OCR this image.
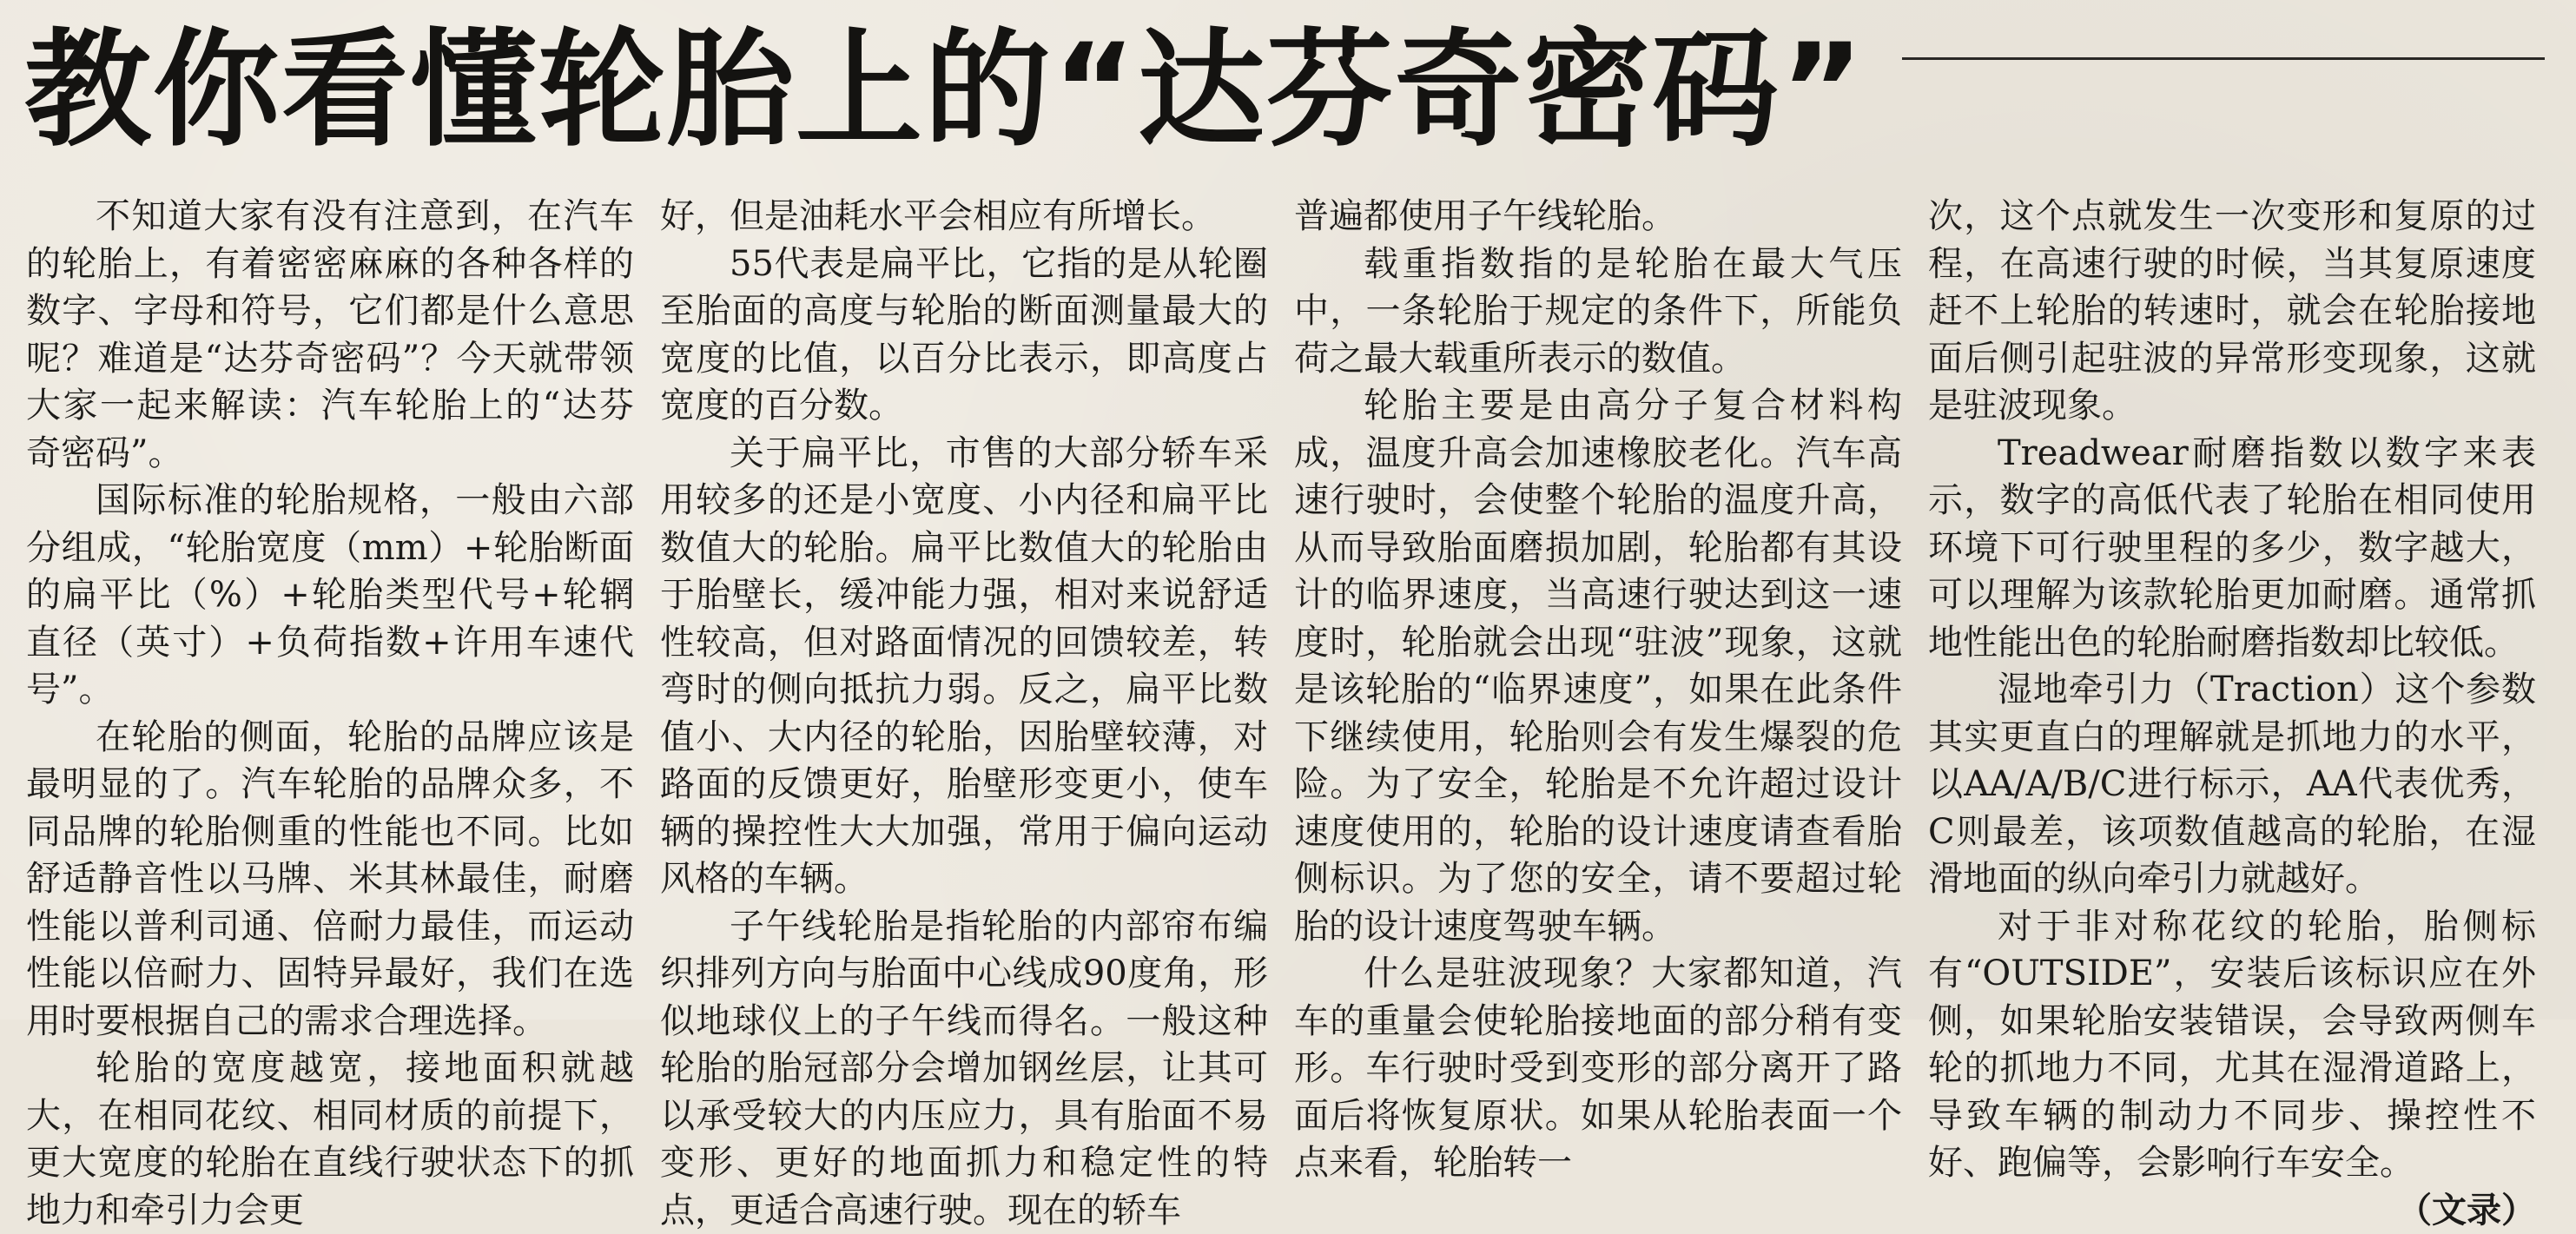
教你看懂轮胎上的“达芬奇密码”

不知道大家有没有注意到，在汽车的轮胎上，有着密密麻麻的各种各样的数字、字母和符号，它们都是什么意思呢？难道是“达芬奇密码”？今天就带领大家一起来解读：汽车轮胎上的“达芬奇密码”。

国际标准的轮胎规格，一般由六部分组成，“轮胎宽度（mm）+轮胎断面的扁平比（%）+轮胎类型代号+轮辋直径（英寸）+负荷指数+许用车速代号”。

在轮胎的侧面，轮胎的品牌应该是最明显的了。汽车轮胎的品牌众多，不同品牌的轮胎侧重的性能也不同。比如舒适静音性以马牌、米其林最佳，耐磨性能以普利司通、倍耐力最佳，而运动性能以倍耐力、固特异最好，我们在选用时要根据自己的需求合理选择。

轮胎的宽度越宽，接地面积就越大，在相同花纹、相同材质的前提下，更大宽度的轮胎在直线行驶状态下的抓地力和牵引力会更

好，但是油耗水平会相应有所增长。

55代表是扁平比，它指的是从轮圈至胎面的高度与轮胎的断面测量最大的宽度的比值，以百分比表示，即高度占宽度的百分数。

关于扁平比，市售的大部分轿车采用较多的还是小宽度、小内径和扁平比数值大的轮胎。扁平比数值大的轮胎由于胎壁长，缓冲能力强，相对来说舒适性较高，但对路面情况的回馈较差，转弯时的侧向抵抗力弱。反之，扁平比数值小、大内径的轮胎，因胎壁较薄，对路面的反馈更好，胎壁形变更小，使车辆的操控性大大加强，常用于偏向运动风格的车辆。

子午线轮胎是指轮胎的内部帘布编织排列方向与胎面中心线成90度角，形似地球仪上的子午线而得名。一般这种轮胎的胎冠部分会增加钢丝层，让其可以承受较大的内压应力，具有胎面不易变形、更好的地面抓力和稳定性的特点，更适合高速行驶。现在的轿车

普遍都使用子午线轮胎。

载重指数指的是轮胎在最大气压中，一条轮胎于规定的条件下，所能负荷之最大载重所表示的数值。

轮胎主要是由高分子复合材料构成，温度升高会加速橡胶老化。汽车高速行驶时，会使整个轮胎的温度升高，从而导致胎面磨损加剧，轮胎都有其设计的临界速度，当高速行驶达到这一速度时，轮胎就会出现“驻波”现象，这就是该轮胎的“临界速度”，如果在此条件下继续使用，轮胎则会有发生爆裂的危险。为了安全，轮胎是不允许超过设计速度使用的，轮胎的设计速度请查看胎侧标识。为了您的安全，请不要超过轮胎的设计速度驾驶车辆。

什么是驻波现象？大家都知道，汽车的重量会使轮胎接地面的部分稍有变形。车行驶时受到变形的部分离开了路面后将恢复原状。如果从轮胎表面一个点来看，轮胎转一

次，这个点就发生一次变形和复原的过程，在高速行驶的时候，当其复原速度赶不上轮胎的转速时，就会在轮胎接地面后侧引起驻波的异常形变现象，这就是驻波现象。

Treadwear耐磨指数以数字来表示，数字的高低代表了轮胎在相同使用环境下可行驶里程的多少，数字越大，可以理解为该款轮胎更加耐磨。通常抓地性能出色的轮胎耐磨指数却比较低。

湿地牵引力（Traction）这个参数其实更直白的理解就是抓地力的水平，以AA/A/B/C进行标示，AA代表优秀，C则最差，该项数值越高的轮胎，在湿滑地面的纵向牵引力就越好。

对于非对称花纹的轮胎，胎侧标有“OUTSIDE”，安装后该标识应在外侧，如果轮胎安装错误，会导致两侧车轮的抓地力不同，尤其在湿滑道路上，导致车辆的制动力不同步、操控性不好、跑偏等，会影响行车安全。

（文录）
